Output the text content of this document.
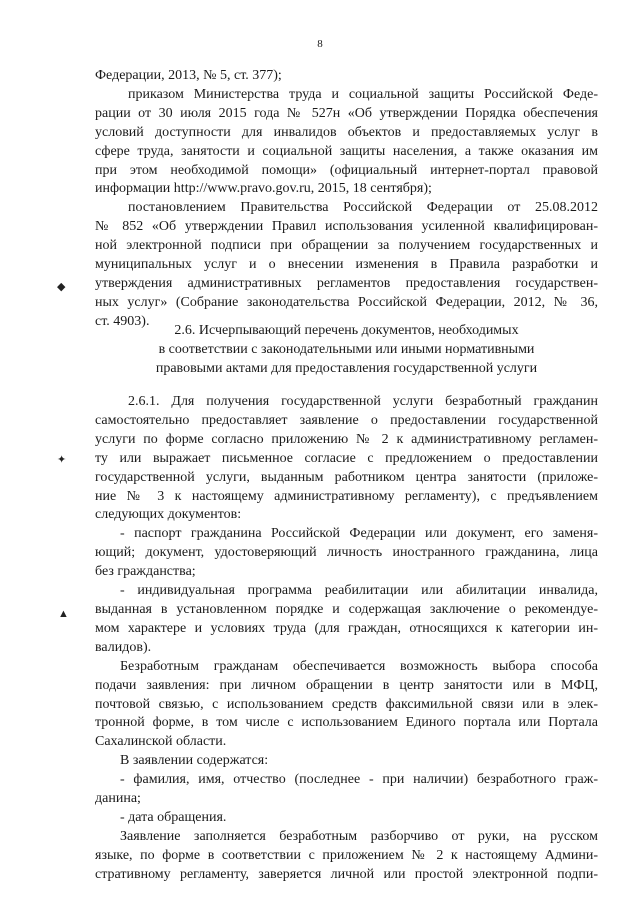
8
Федерации, 2013, № 5, ст. 377);
приказом Министерства труда и социальной защиты Российской Феде-
рации от 30 июля 2015 года № 527н «Об утверждении Порядка обеспечения
условий доступности для инвалидов объектов и предоставляемых услуг в
сфере труда, занятости и социальной защиты населения, а также оказания им
при этом необходимой помощи» (официальный интернет-портал правовой
информации http://www.pravo.gov.ru, 2015, 18 сентября);
постановлением Правительства Российской Федерации от 25.08.2012
№ 852 «Об утверждении Правил использования усиленной квалифицирован-
ной электронной подписи при обращении за получением государственных и
муниципальных услуг и о внесении изменения в Правила разработки и
утверждения административных регламентов предоставления государствен-
ных услуг» (Собрание законодательства Российской Федерации, 2012, № 36,
ст. 4903).
2.6. Исчерпывающий перечень документов, необходимых
в соответствии с законодательными или иными нормативными
правовыми актами для предоставления государственной услуги
2.6.1. Для получения государственной услуги безработный гражданин
самостоятельно предоставляет заявление о предоставлении государственной
услуги по форме согласно приложению № 2 к административному регламен-
ту или выражает письменное согласие с предложением о предоставлении
государственной услуги, выданным работником центра занятости (приложе-
ние № 3 к настоящему административному регламенту), с предъявлением
следующих документов:
- паспорт гражданина Российской Федерации или документ, его заменя-
ющий; документ, удостоверяющий личность иностранного гражданина, лица
без гражданства;
- индивидуальная программа реабилитации или абилитации инвалида,
выданная в установленном порядке и содержащая заключение о рекомендуе-
мом характере и условиях труда (для граждан, относящихся к категории ин-
валидов).
Безработным гражданам обеспечивается возможность выбора способа
подачи заявления: при личном обращении в центр занятости или в МФЦ,
почтовой связью, с использованием средств факсимильной связи или в элек-
тронной форме, в том числе с использованием Единого портала или Портала
Сахалинской области.
В заявлении содержатся:
- фамилия, имя, отчество (последнее - при наличии) безработного граж-
данина;
- дата обращения.
Заявление заполняется безработным разборчиво от руки, на русском
языке, по форме в соответствии с приложением № 2 к настоящему Админи-
стративному регламенту, заверяется личной или простой электронной подпи-
◆
✦
▲
